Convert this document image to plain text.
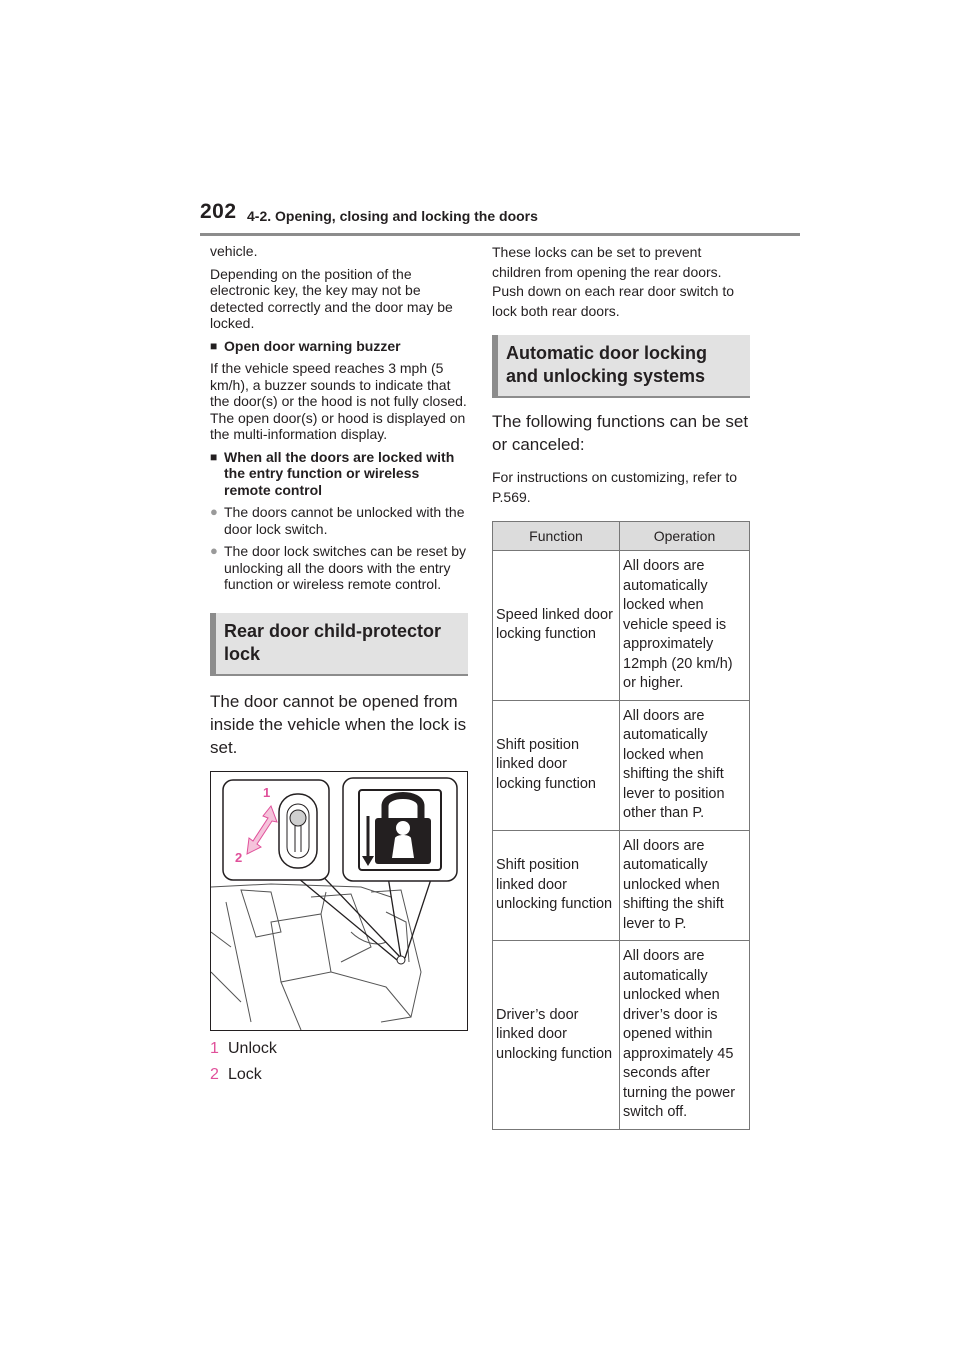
202 4-2. Opening, closing and locking the doors

vehicle.

Depending on the position of the electronic key, the key may not be detected correctly and the door may be locked.

■ Open door warning buzzer

If the vehicle speed reaches 3 mph (5 km/h), a buzzer sounds to indicate that the door(s) or the hood is not fully closed.

The open door(s) or hood is displayed on the multi-information display.

■ When all the doors are locked with the entry function or wireless remote control
● The doors cannot be unlocked with the door lock switch.
● The door lock switches can be reset by unlocking all the doors with the entry function or wireless remote control.
Rear door child-protector lock
The door cannot be opened from inside the vehicle when the lock is set.
1
2
1 Unlock
2 Lock

These locks can be set to prevent children from opening the rear doors. Push down on each rear door switch to lock both rear doors.

Automatic door locking and unlocking systems
The following functions can be set or canceled:

For instructions on customizing, refer to P.569.

Function	Operation
Speed linked door locking function	All doors are automatically locked when vehicle speed is approximately 12mph (20 km/h) or higher.
Shift position linked door locking function	All doors are automatically locked when shifting the shift lever to position other than P.
Shift position linked door unlocking function	All doors are automatically unlocked when shifting the shift lever to P.
Driver’s door linked door unlocking function	All doors are automatically unlocked when driver’s door is opened within approximately 45 seconds after turning the power switch off.
